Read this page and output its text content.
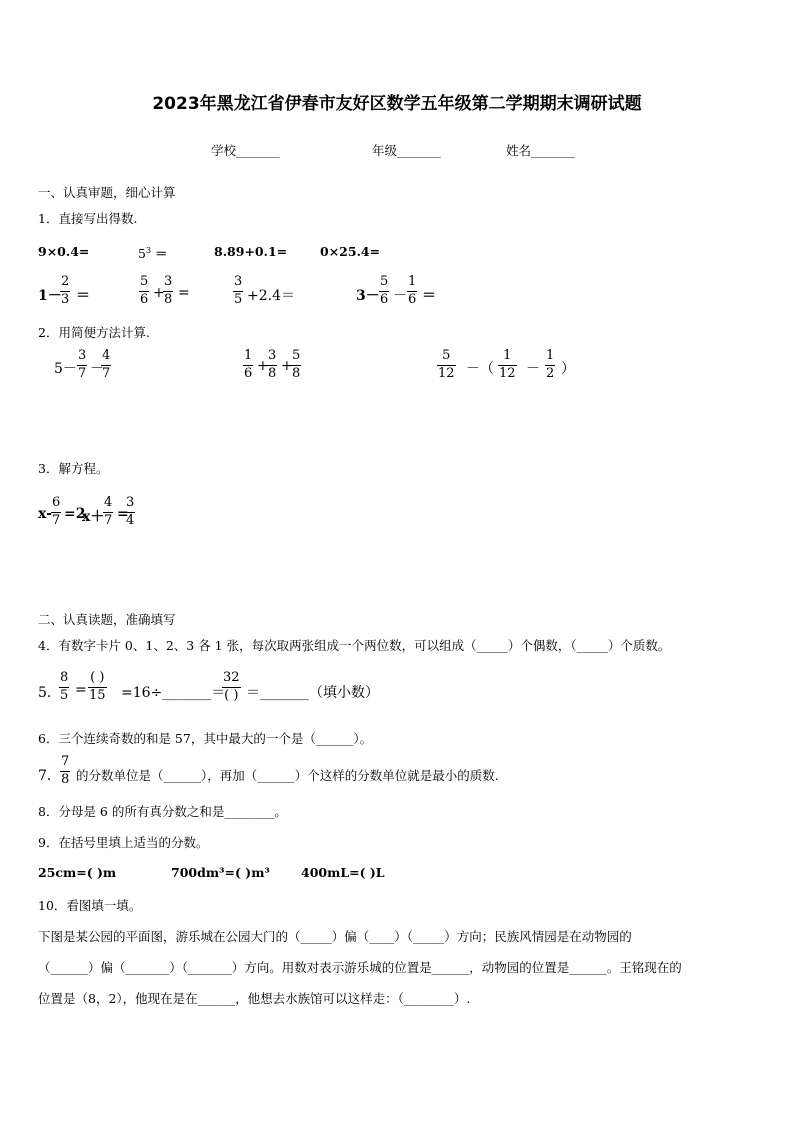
2023年黑龙江省伊春市友好区数学五年级第二学期期末调研试题
学校_______	年级_______	姓名_______
一、认真审题，细心计算
1．直接写出得数.
9×0.4=	$5^3$ ＝	8.89+0.1=	0×25.4=
1－
2
3 ＝
5
6 +
3
8 =
3
5 +2.4＝	3－
5
6 －
1
6 ＝
2．用简便方法计算.
5－
3
7 －
4
7
1
6 +
3
8 +
5
8
5
12 －（
1
12 －
1
2 ）
3．解方程。
x-
6
7 =2
x＋
4
7 =
3
4
二、认真读题，准确填写
4．有数字卡片 0、1、2、3 各 1 张，每次取两张组成一个两位数，可以组成（_____）个偶数，（_____）个质数。
5．
8
5 =
( )
15 =16÷_______＝
32
( ) ＝_______（填小数）
6．三个连续奇数的和是 57，其中最大的一个是（______）。
7．
7
8 的分数单位是（______），再加（______）个这样的分数单位就是最小的质数.
8．分母是 6 的所有真分数之和是________。
9．在括号里填上适当的分数。
25cm=( )m	700dm³=( )m³ 400mL=( )L
10．看图填一填。
下图是某公园的平面图，游乐城在公园大门的（_____）偏（____）（_____）方向；民族风情园是在动物园的
（______）偏（_______）（_______）方向。用数对表示游乐城的位置是______，动物园的位置是______。王铭现在的
位置是（8，2），他现在是在______，他想去水族馆可以这样走：（________）.
